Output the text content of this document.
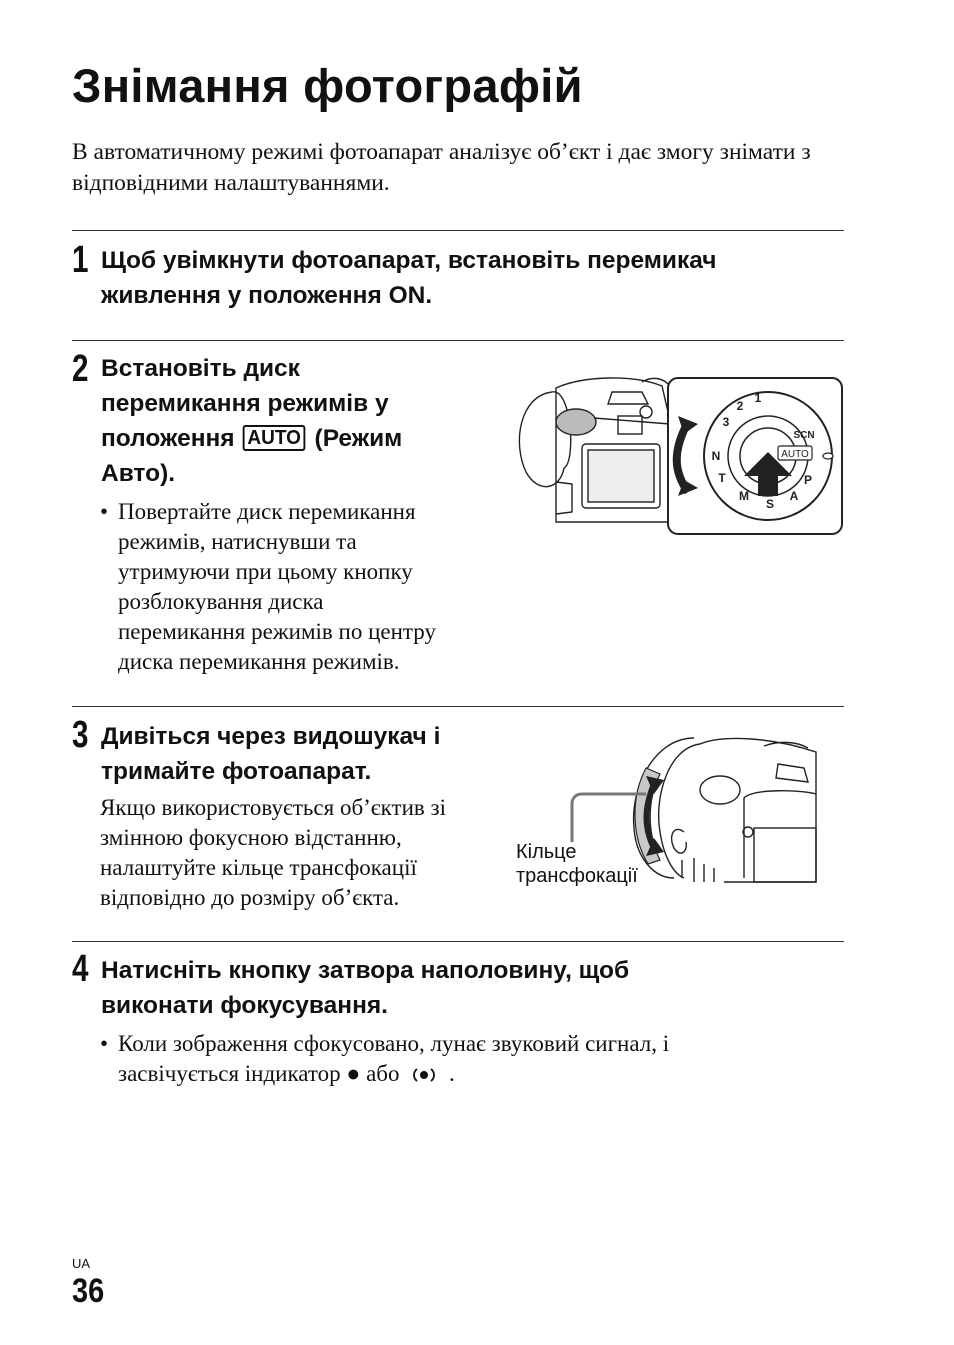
Знімання фотографій

В автоматичному режимі фотоапарат аналізує об’єкт і дає змогу знімати з відповідними налаштуваннями.

1 Щоб увімкнути фотоапарат, встановіть перемикач

живлення у положення ON.

2 Встановіть диск

перемикання режимів у

положення AUTO (Режим

Авто).

• Повертайте диск перемикання

режимів, натиснувши та

утримуючи при цьому кнопку

розблокування диска

перемикання режимів по центру

диска перемикання режимів.

3
2
1
SCN
P
A
S
M
T
N	AUTO
3 Дивіться через видошукач і

тримайте фотоапарат.

Якщо використовується об’єктив зі

змінною фокусною відстанню,

налаштуйте кільце трансфокації

відповідно до розміру об’єкта.

Кільце
трансфокації
4 Натисніть кнопку затвора наполовину, щоб

виконати фокусування.

• Коли зображення сфокусовано, лунає звуковий сигнал, і

засвічується індикатор ● або .

UA
36
